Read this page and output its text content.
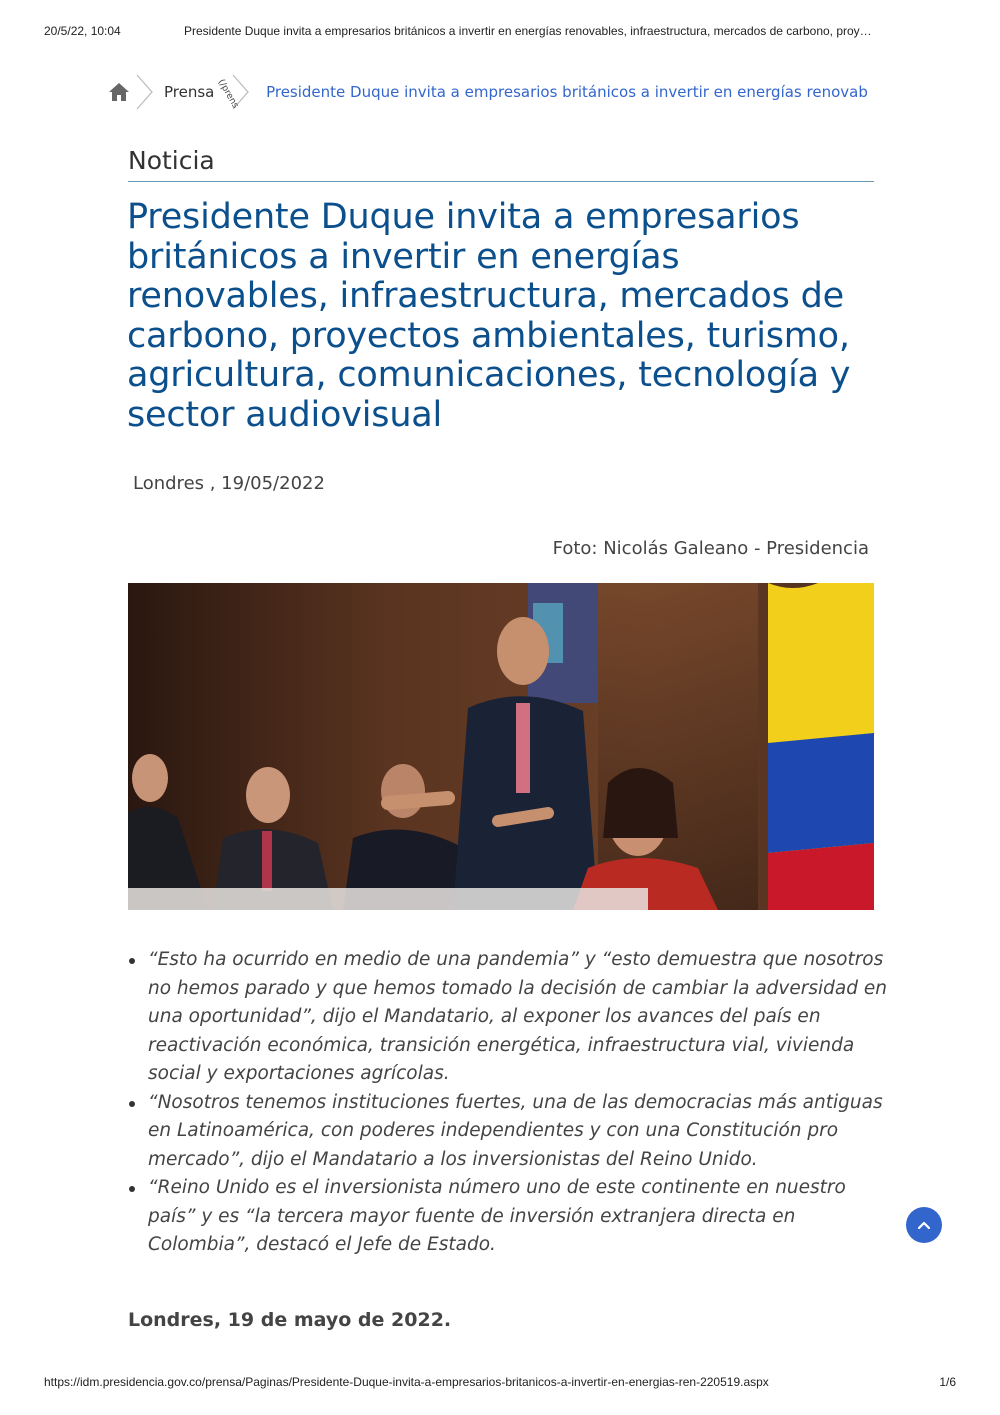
20/5/22, 10:04	Presidente Duque invita a empresarios británicos a invertir en energías renovables, infraestructura, mercados de carbono, proy…
Prensa (/prens Presidente Duque invita a empresarios británicos a invertir en energías renovab
Noticia
Presidente Duque invita a empresarios británicos a invertir en energías renovables, infraestructura, mercados de carbono, proyectos ambientales, turismo, agricultura, comunicaciones, tecnología y sector audiovisual
Londres , 19/05/2022
Foto: Nicolás Galeano - Presidencia
“Esto ha ocurrido en medio de una pandemia” y “esto demuestra que nosotros no hemos parado y que hemos tomado la decisión de cambiar la adversidad en una oportunidad”, dijo el Mandatario, al exponer los avances del país en reactivación económica, transición energética, infraestructura vial, vivienda social y exportaciones agrícolas.
“Nosotros tenemos instituciones fuertes, una de las democracias más antiguas en Latinoamérica, con poderes independientes y con una Constitución pro mercado”, dijo el Mandatario a los inversionistas del Reino Unido.
“Reino Unido es el inversionista número uno de este continente en nuestro país” y es “la tercera mayor fuente de inversión extranjera directa en Colombia”, destacó el Jefe de Estado.
Londres, 19 de mayo de 2022.
https://idm.presidencia.gov.co/prensa/Paginas/Presidente-Duque-invita-a-empresarios-britanicos-a-invertir-en-energias-ren-220519.aspx	1/6
